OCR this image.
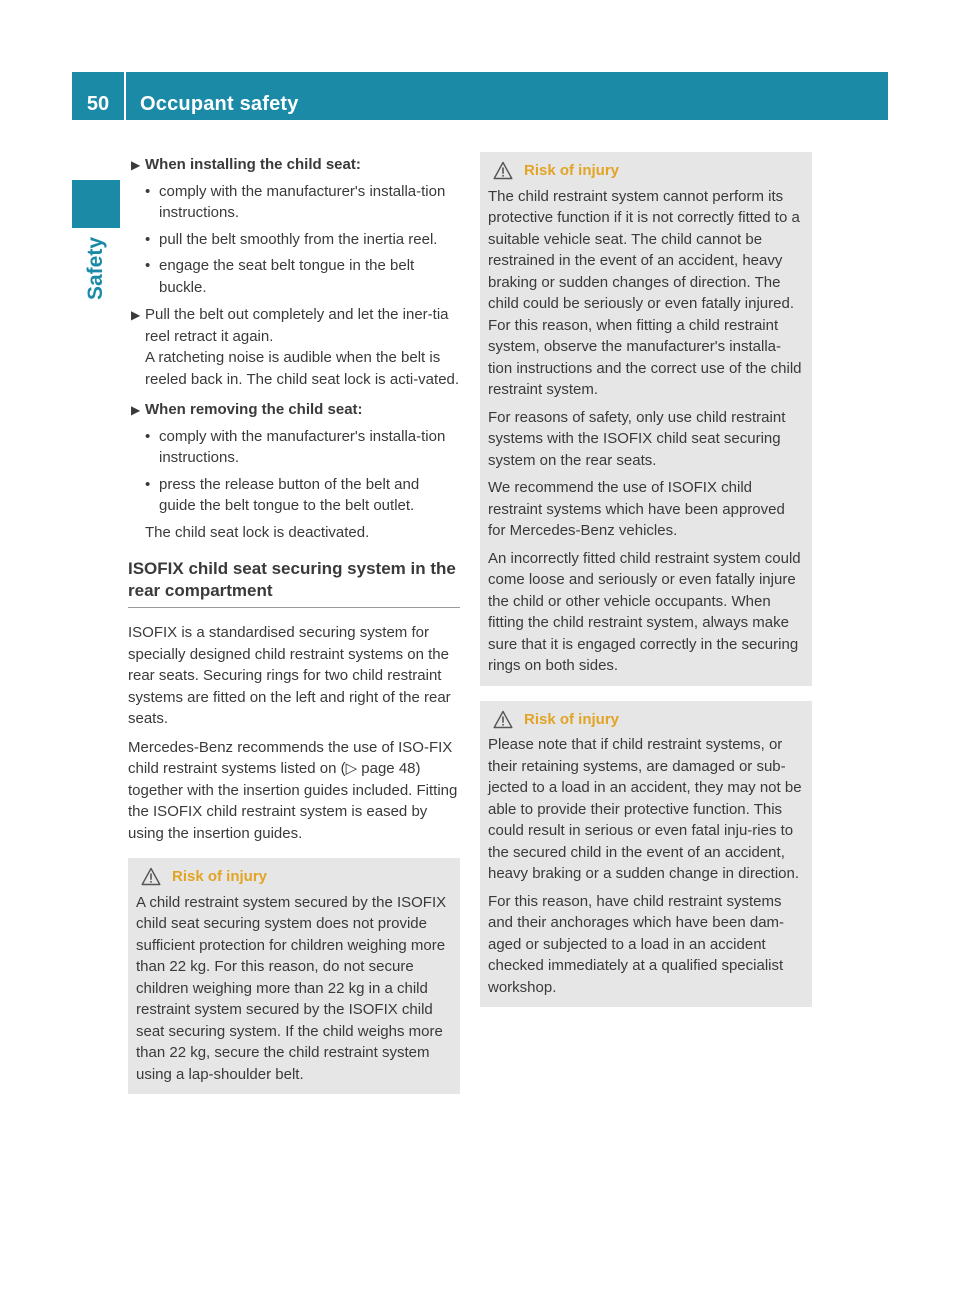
50	Occupant safety
Safety
▶ When installing the child seat:
• comply with the manufacturer's installa-tion instructions.
• pull the belt smoothly from the inertia reel.
• engage the seat belt tongue in the belt buckle.
▶ Pull the belt out completely and let the iner-tia reel retract it again.
A ratcheting noise is audible when the belt is reeled back in. The child seat lock is acti-vated.
▶ When removing the child seat:
• comply with the manufacturer's installa-tion instructions.
• press the release button of the belt and guide the belt tongue to the belt outlet.
The child seat lock is deactivated.
ISOFIX child seat securing system in the rear compartment

ISOFIX is a standardised securing system for specially designed child restraint systems on the rear seats. Securing rings for two child restraint systems are fitted on the left and right of the rear seats.

Mercedes-Benz recommends the use of ISO-FIX child restraint systems listed on (▷ page 48) together with the insertion guides included. Fitting the ISOFIX child restraint system is eased by using the insertion guides.

Risk of injury

A child restraint system secured by the ISOFIX child seat securing system does not provide sufficient protection for children weighing more than 22 kg. For this reason, do not secure children weighing more than 22 kg in a child restraint system secured by the ISOFIX child seat securing system. If the child weighs more than 22 kg, secure the child restraint system using a lap-shoulder belt.

Risk of injury

The child restraint system cannot perform its protective function if it is not correctly fitted to a suitable vehicle seat. The child cannot be restrained in the event of an accident, heavy braking or sudden changes of direction. The child could be seriously or even fatally injured. For this reason, when fitting a child restraint system, observe the manufacturer's installa-tion instructions and the correct use of the child restraint system.

For reasons of safety, only use child restraint systems with the ISOFIX child seat securing system on the rear seats.

We recommend the use of ISOFIX child restraint systems which have been approved for Mercedes-Benz vehicles.

An incorrectly fitted child restraint system could come loose and seriously or even fatally injure the child or other vehicle occupants. When fitting the child restraint system, always make sure that it is engaged correctly in the securing rings on both sides.

Risk of injury

Please note that if child restraint systems, or their retaining systems, are damaged or sub-jected to a load in an accident, they may not be able to provide their protective function. This could result in serious or even fatal inju-ries to the secured child in the event of an accident, heavy braking or a sudden change in direction.

For this reason, have child restraint systems and their anchorages which have been dam-aged or subjected to a load in an accident checked immediately at a qualified specialist workshop.
